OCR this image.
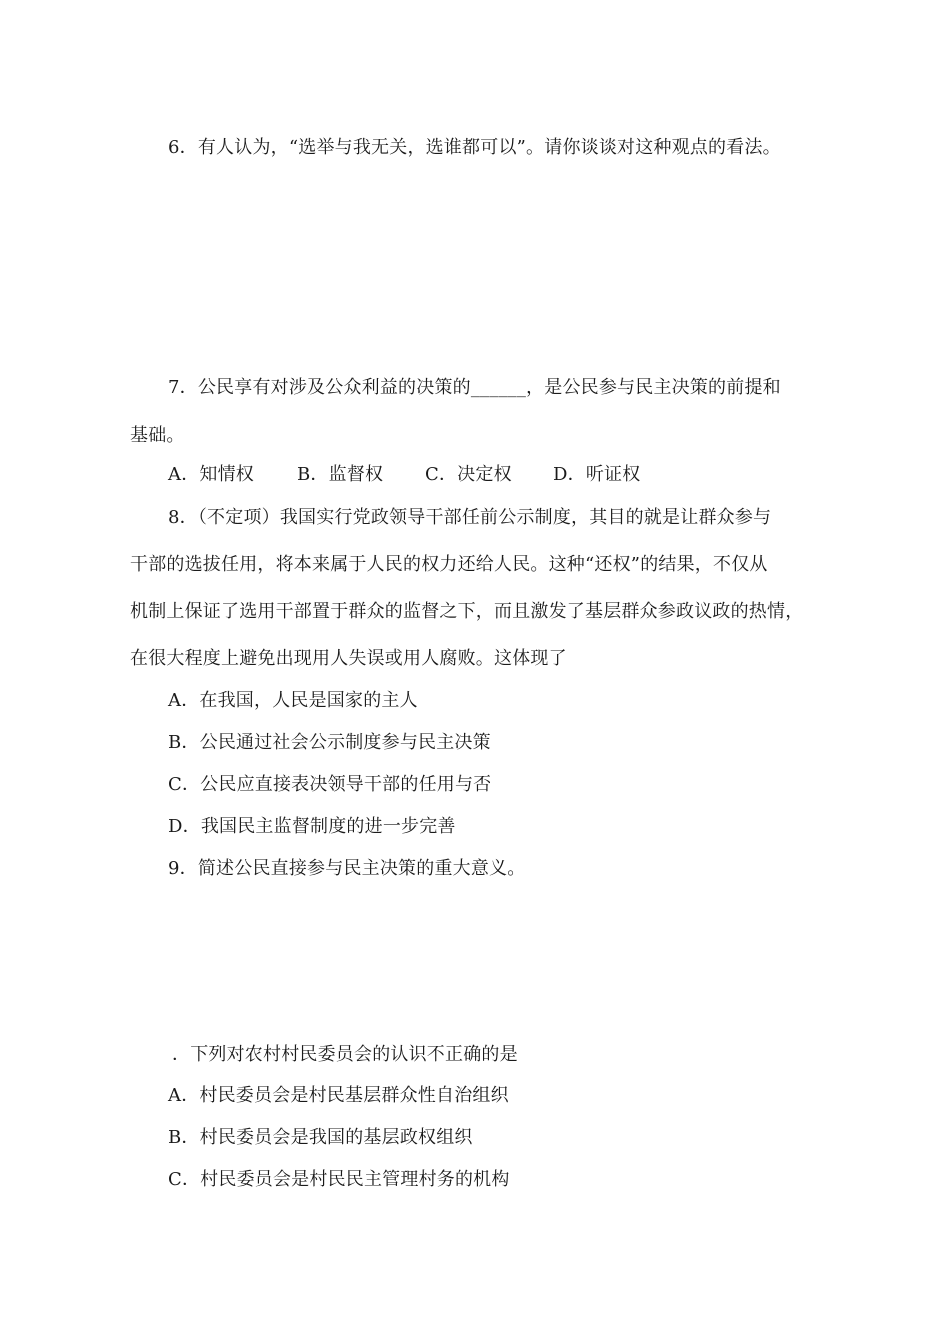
6．有人认为，“选举与我无关，选谁都可以”。请你谈谈对这种观点的看法。
7．公民享有对涉及公众利益的决策的______，是公民参与民主决策的前提和
基础。
A．知情权 B．监督权 C．决定权 D．听证权
8．（不定项）我国实行党政领导干部任前公示制度，其目的就是让群众参与
干部的选拔任用，将本来属于人民的权力还给人民。这种“还权”的结果，不仅从
机制上保证了选用干部置于群众的监督之下，而且激发了基层群众参政议政的热情，
在很大程度上避免出现用人失误或用人腐败。这体现了
A．在我国，人民是国家的主人
B．公民通过社会公示制度参与民主决策
C．公民应直接表决领导干部的任用与否
D．我国民主监督制度的进一步完善
9．简述公民直接参与民主决策的重大意义。
．下列对农村村民委员会的认识不正确的是
A．村民委员会是村民基层群众性自治组织
B．村民委员会是我国的基层政权组织
C．村民委员会是村民民主管理村务的机构
